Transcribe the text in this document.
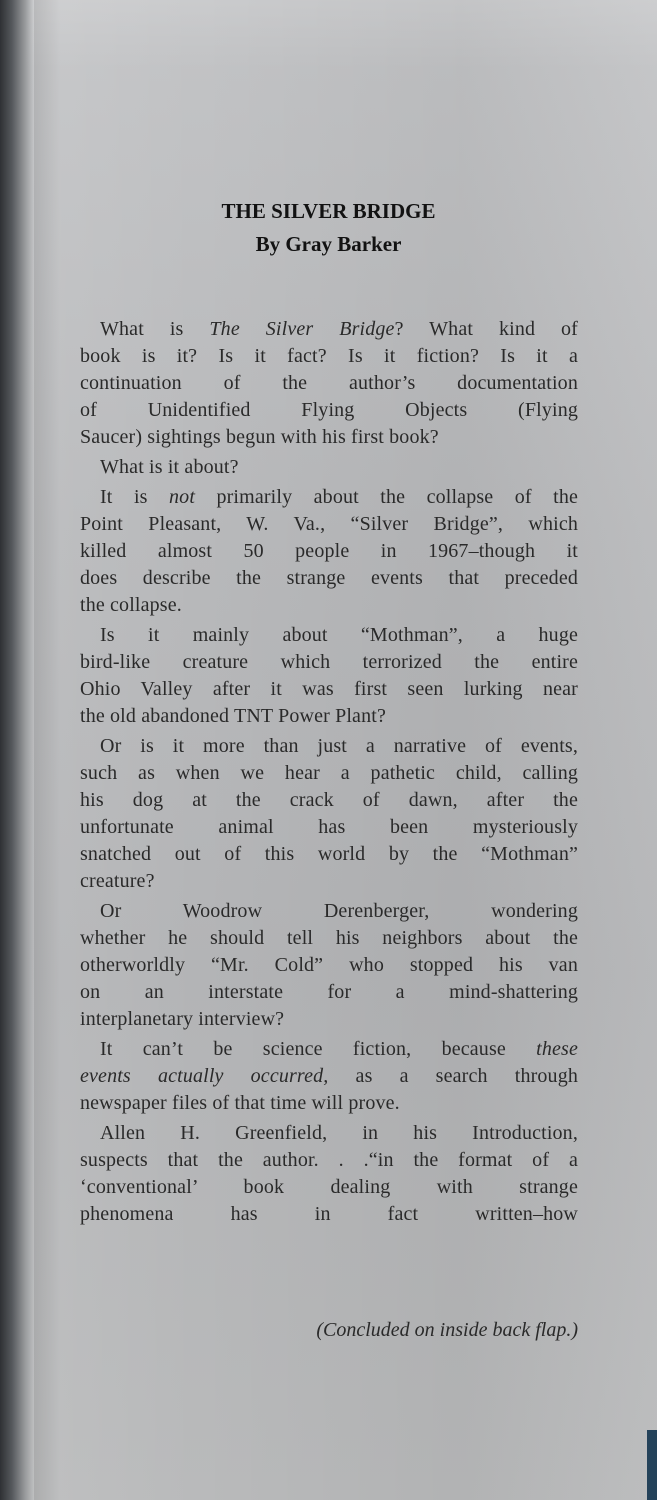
THE SILVER BRIDGE
By Gray Barker

What is The Silver Bridge? What kind of
book is it? Is it fact? Is it fiction? Is it a
continuation of the author’s documentation
of Unidentified Flying Objects (Flying
Saucer) sightings begun with his first book?

What is it about?

It is not primarily about the collapse of the
Point Pleasant, W. Va., “Silver Bridge”, which
killed almost 50 people in 1967–though it
does describe the strange events that preceded
the collapse.

Is it mainly about “Mothman”, a huge
bird-like creature which terrorized the entire
Ohio Valley after it was first seen lurking near
the old abandoned TNT Power Plant?

Or is it more than just a narrative of events,
such as when we hear a pathetic child, calling
his dog at the crack of dawn, after the
unfortunate animal has been mysteriously
snatched out of this world by the “Mothman”
creature?

Or Woodrow Derenberger, wondering
whether he should tell his neighbors about the
otherworldly “Mr. Cold” who stopped his van
on an interstate for a mind-shattering
interplanetary interview?

It can’t be science fiction, because these
events actually occurred, as a search through
newspaper files of that time will prove.

Allen H. Greenfield, in his Introduction,
suspects that the author. . .“in the format of a
‘conventional’ book dealing with strange
phenomena has in fact written–how

(Concluded on inside back flap.)
